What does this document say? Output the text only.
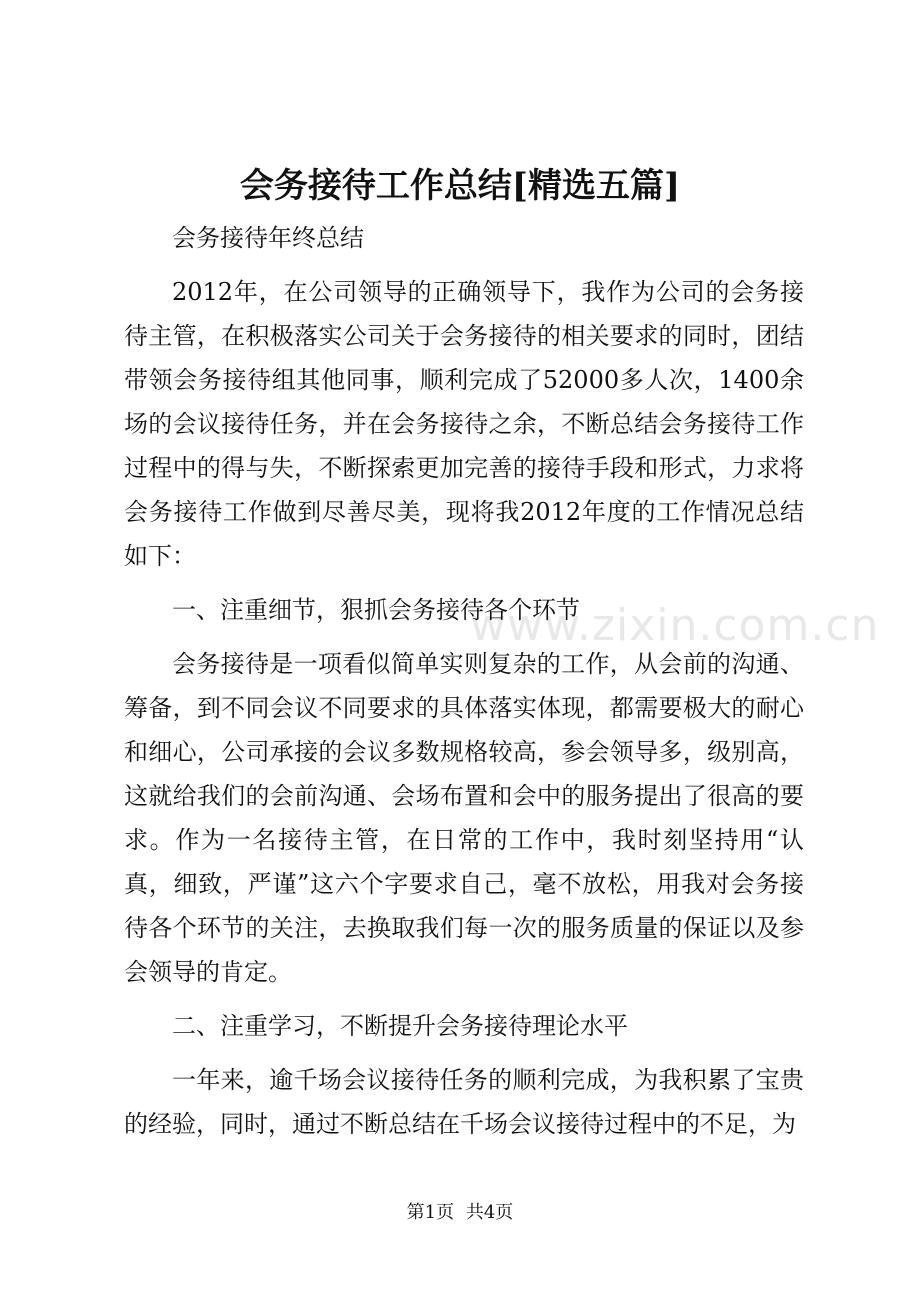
www.zixin.com.cn
会务接待工作总结[精选五篇]

会务接待年终总结

2012年，在公司领导的正确领导下，我作为公司的会务接待主管，在积极落实公司关于会务接待的相关要求的同时，团结带领会务接待组其他同事，顺利完成了52000多人次，1400余场的会议接待任务，并在会务接待之余，不断总结会务接待工作过程中的得与失，不断探索更加完善的接待手段和形式，力求将会务接待工作做到尽善尽美，现将我2012年度的工作情况总结如下：

一、注重细节，狠抓会务接待各个环节

会务接待是一项看似简单实则复杂的工作，从会前的沟通、筹备，到不同会议不同要求的具体落实体现，都需要极大的耐心和细心，公司承接的会议多数规格较高，参会领导多，级别高，这就给我们的会前沟通、会场布置和会中的服务提出了很高的要求。作为一名接待主管，在日常的工作中，我时刻坚持用“认真，细致，严谨”这六个字要求自己，毫不放松，用我对会务接待各个环节的关注，去换取我们每一次的服务质量的保证以及参会领导的肯定。

二、注重学习，不断提升会务接待理论水平

一年来，逾千场会议接待任务的顺利完成，为我积累了宝贵的经验，同时，通过不断总结在千场会议接待过程中的不足，为

第1页 共4页
